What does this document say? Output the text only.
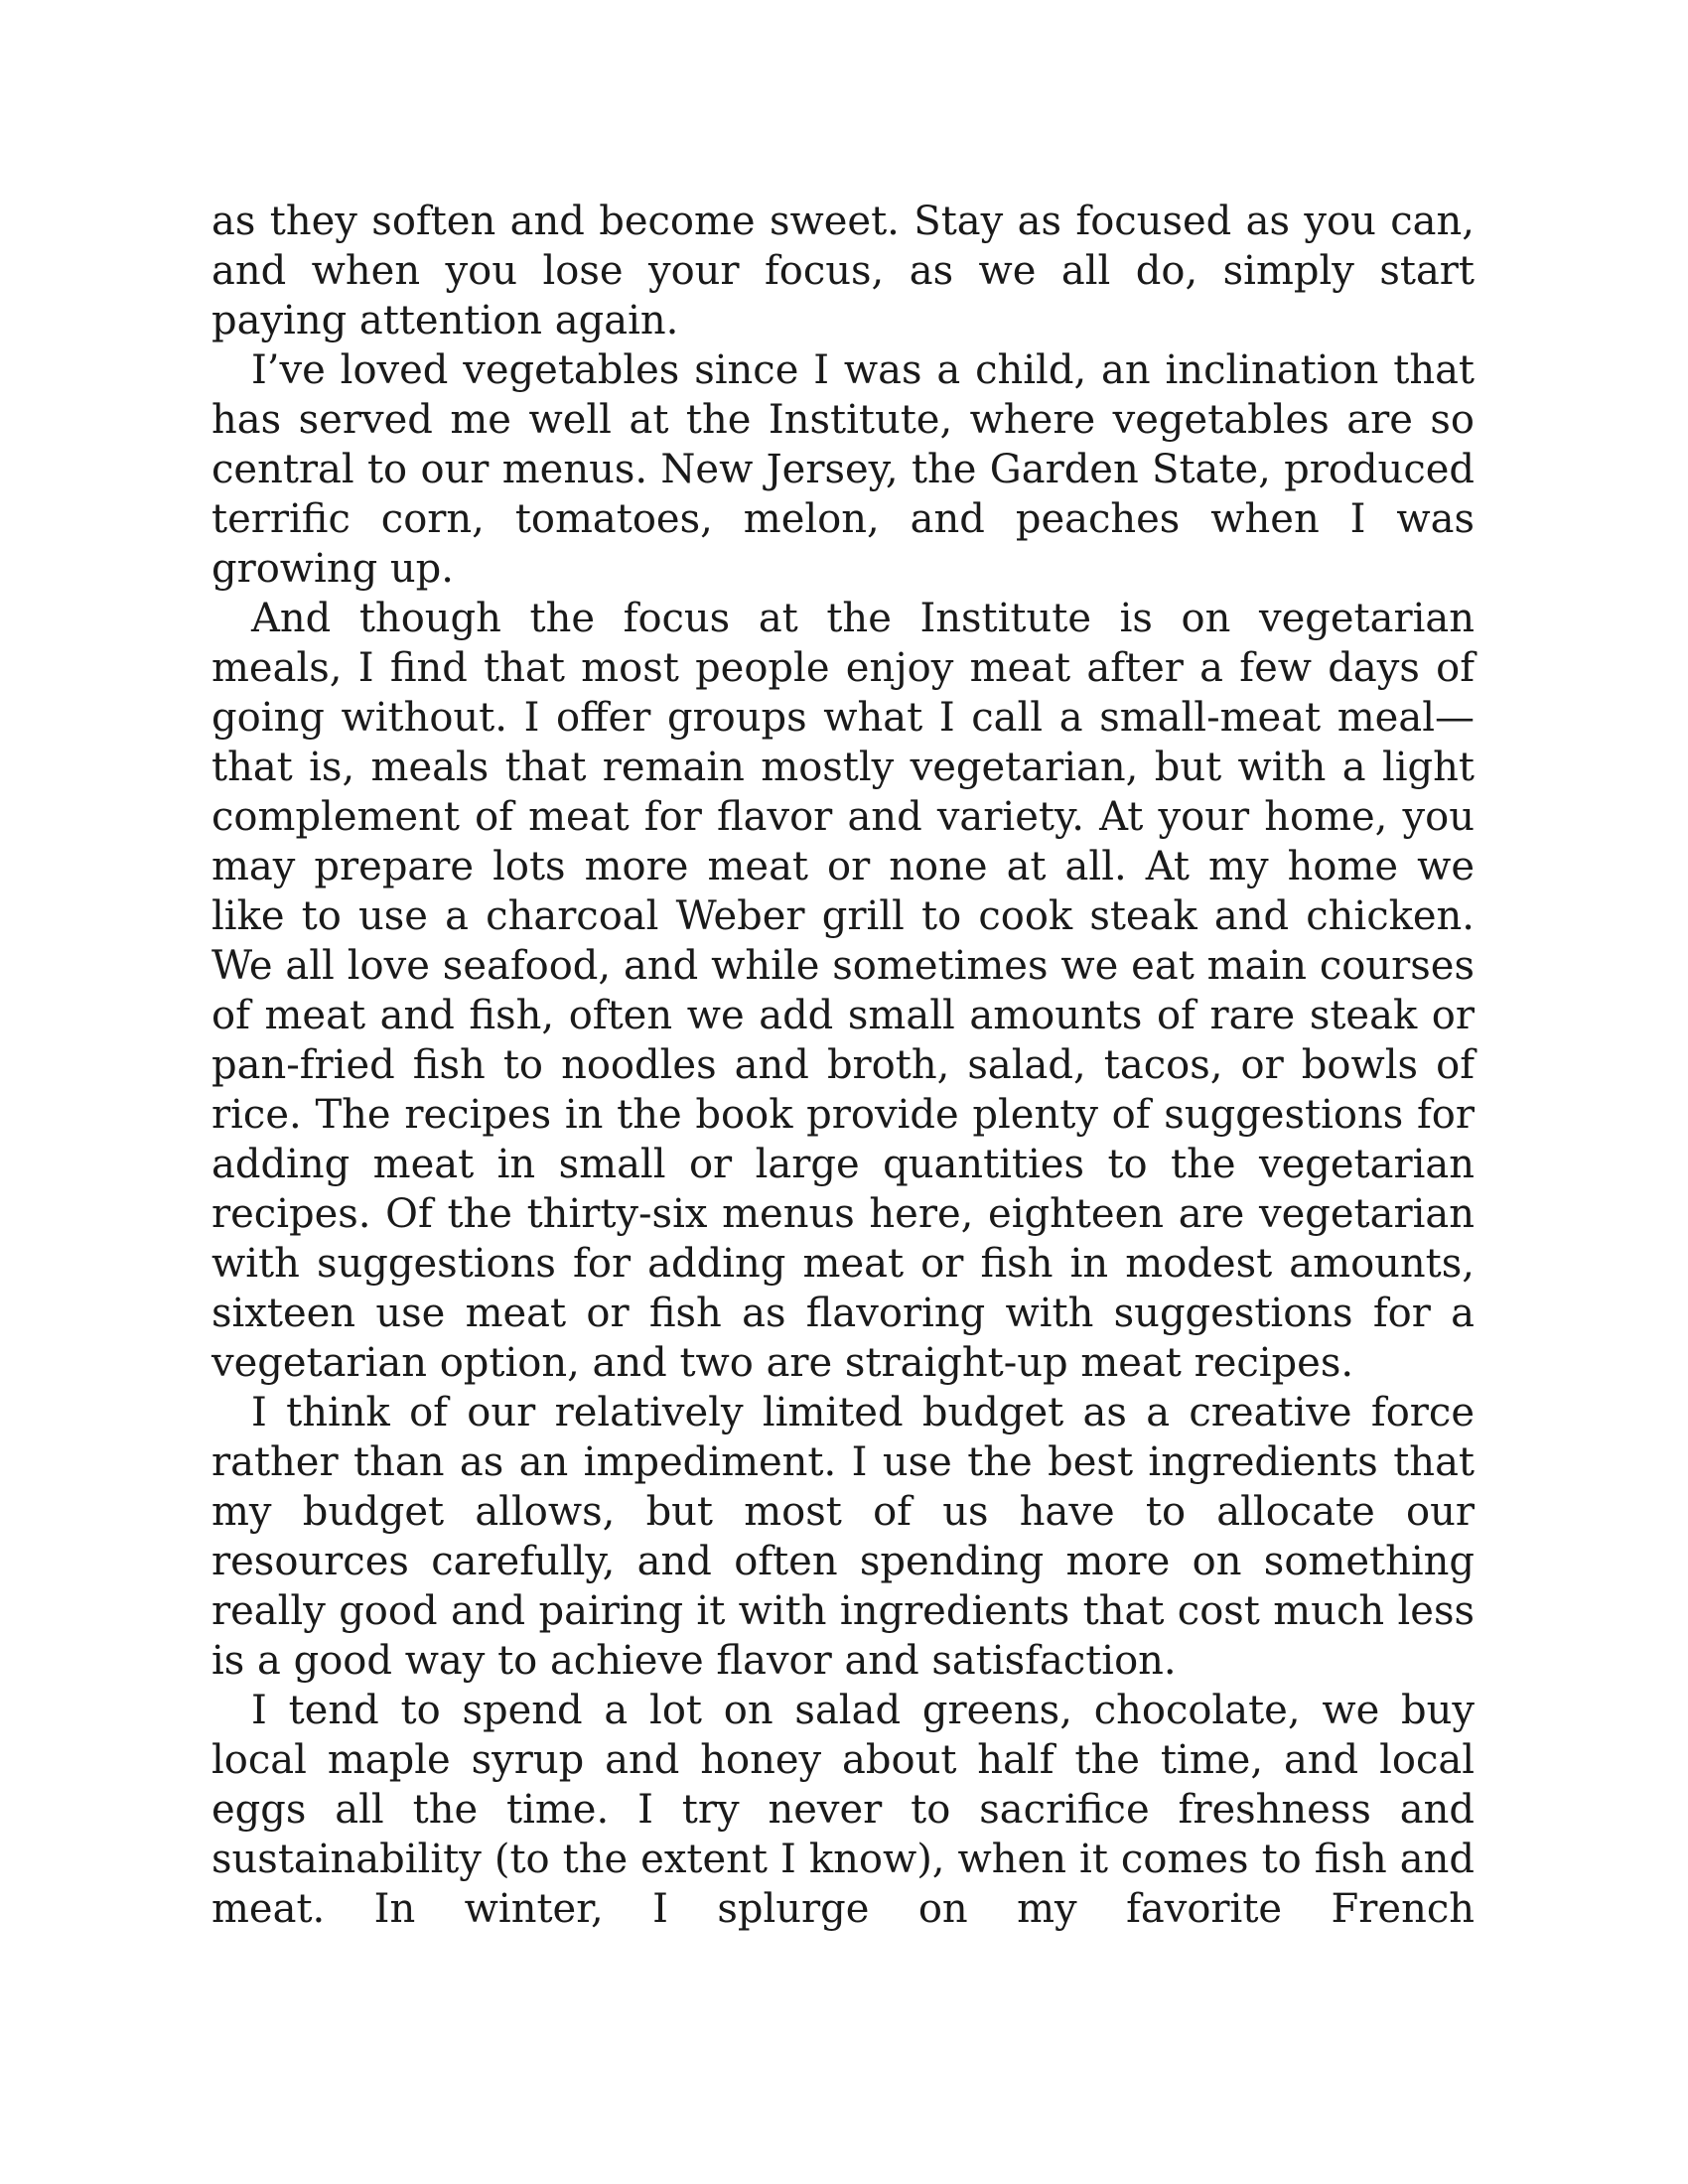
as they soften and become sweet. Stay as focused as you can, and when you lose your focus, as we all do, simply start paying attention again.

I’ve loved vegetables since I was a child, an inclination that has served me well at the Institute, where vegetables are so central to our menus. New Jersey, the Garden State, produced terrific corn, tomatoes, melon, and peaches when I was growing up.

And though the focus at the Institute is on vegetarian meals, I find that most people enjoy meat after a few days of going without. I offer groups what I call a small-meat meal—that is, meals that remain mostly vegetarian, but with a light complement of meat for flavor and variety. At your home, you may prepare lots more meat or none at all. At my home we like to use a charcoal Weber grill to cook steak and chicken. We all love seafood, and while sometimes we eat main courses of meat and fish, often we add small amounts of rare steak or pan-fried fish to noodles and broth, salad, tacos, or bowls of rice. The recipes in the book provide plenty of suggestions for adding meat in small or large quantities to the vegetarian recipes. Of the thirty-six menus here, eighteen are vegetarian with suggestions for adding meat or fish in modest amounts, sixteen use meat or fish as flavoring with suggestions for a vegetarian option, and two are straight-up meat recipes.

I think of our relatively limited budget as a creative force rather than as an impediment. I use the best ingredients that my budget allows, but most of us have to allocate our resources carefully, and often spending more on something really good and pairing it with ingredients that cost much less is a good way to achieve flavor and satisfaction.

I tend to spend a lot on salad greens, chocolate, we buy local maple syrup and honey about half the time, and local eggs all the time. I try never to sacrifice freshness and sustainability (to the extent I know), when it comes to fish and meat. In winter, I splurge on my favorite French
